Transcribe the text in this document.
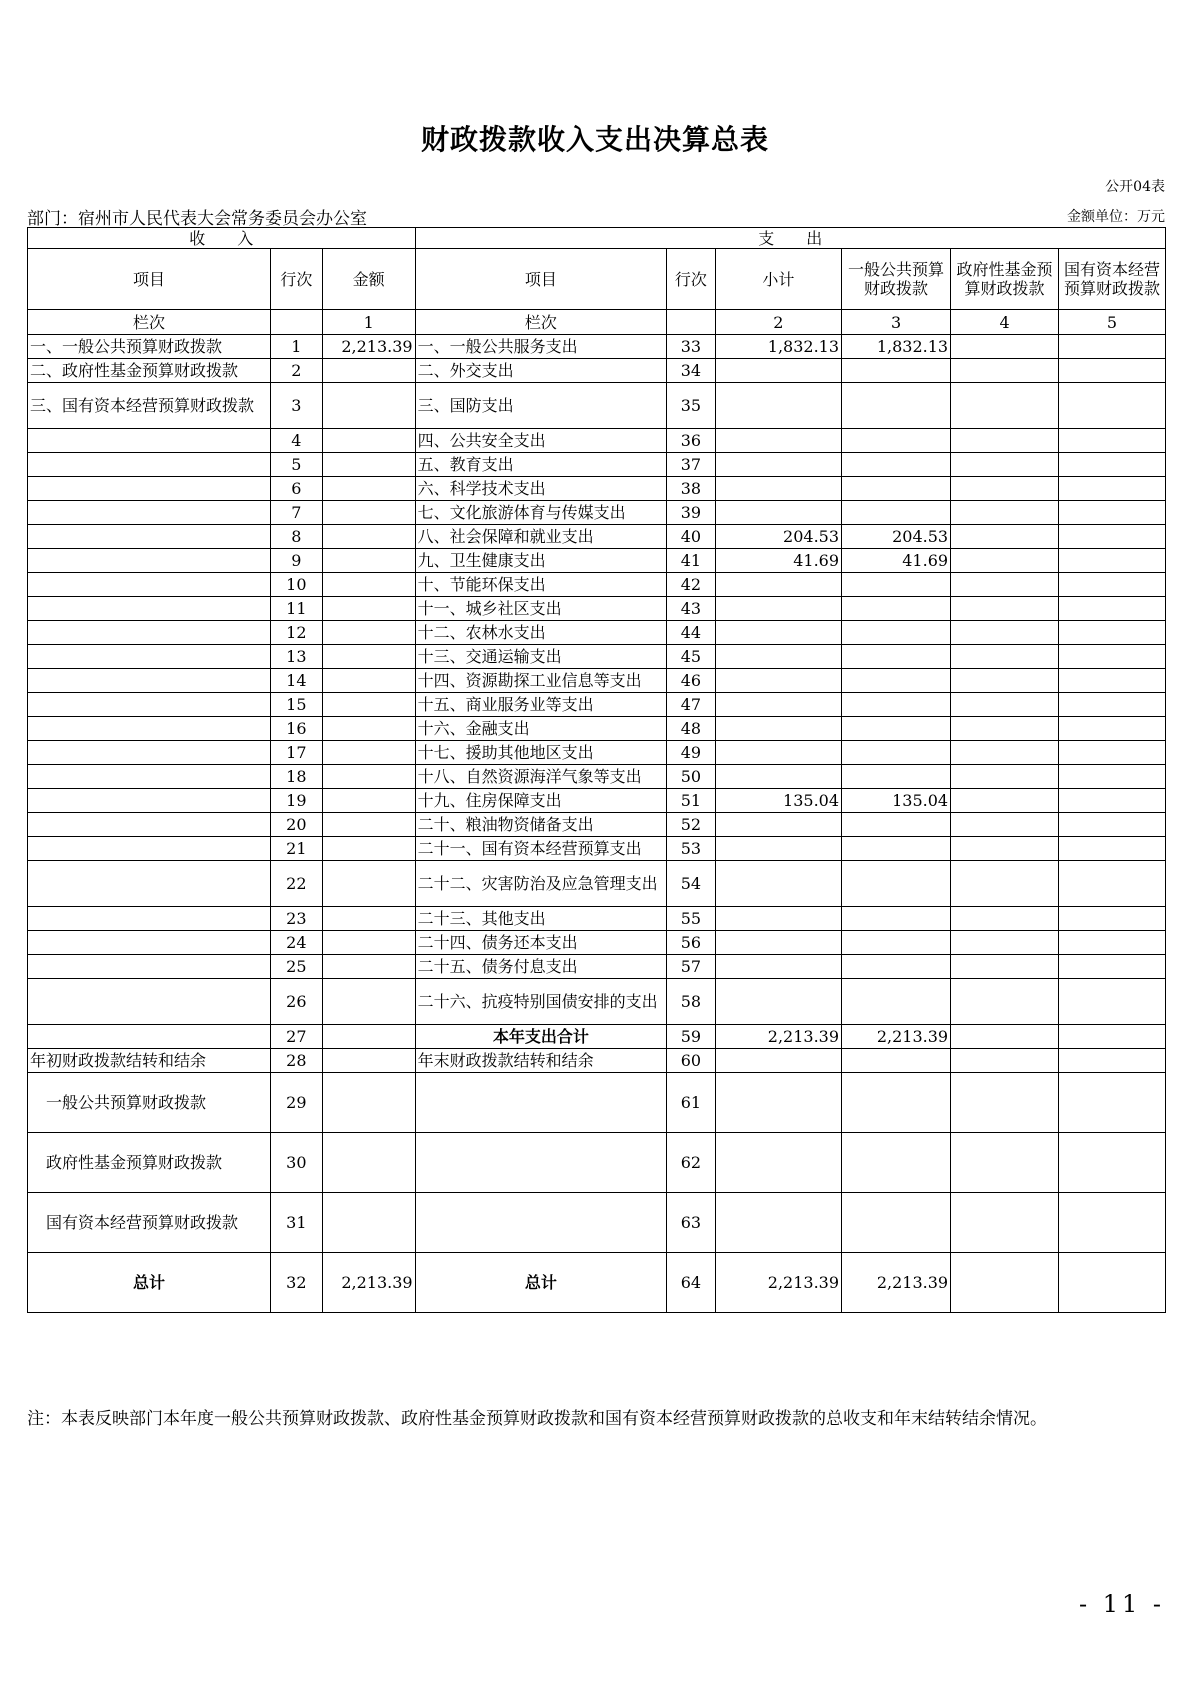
财政拨款收入支出决算总表
公开04表
部门：宿州市人民代表大会常务委员会办公室	金额单位：万元
收　　入			支　　出					
项目	行次	金额	项目	行次	小计	一般公共预算财政拨款	政府性基金预算财政拨款	国有资本经营预算财政拨款
栏次		1	栏次		2	3	4	5
一、一般公共预算财政拨款	1	2,213.39	一、一般公共服务支出	33	1,832.13	1,832.13		
二、政府性基金预算财政拨款	2		二、外交支出	34				
三、国有资本经营预算财政拨款	3		三、国防支出	35				
	4		四、公共安全支出	36				
	5		五、教育支出	37				
	6		六、科学技术支出	38				
	7		七、文化旅游体育与传媒支出	39				
	8		八、社会保障和就业支出	40	204.53	204.53		
	9		九、卫生健康支出	41	41.69	41.69		
	10		十、节能环保支出	42				
	11		十一、城乡社区支出	43				
	12		十二、农林水支出	44				
	13		十三、交通运输支出	45				
	14		十四、资源勘探工业信息等支出	46				
	15		十五、商业服务业等支出	47				
	16		十六、金融支出	48				
	17		十七、援助其他地区支出	49				
	18		十八、自然资源海洋气象等支出	50				
	19		十九、住房保障支出	51	135.04	135.04		
	20		二十、粮油物资储备支出	52				
	21		二十一、国有资本经营预算支出	53				
	22		二十二、灾害防治及应急管理支出	54				
	23		二十三、其他支出	55				
	24		二十四、债务还本支出	56				
	25		二十五、债务付息支出	57				
	26		二十六、抗疫特别国债安排的支出	58				
	27		本年支出合计	59	2,213.39	2,213.39		
年初财政拨款结转和结余	28		年末财政拨款结转和结余	60				
一般公共预算财政拨款	29			61				
政府性基金预算财政拨款	30			62				
国有资本经营预算财政拨款	31			63				
总计	32	2,213.39	总计	64	2,213.39	2,213.39		
注：本表反映部门本年度一般公共预算财政拨款、政府性基金预算财政拨款和国有资本经营预算财政拨款的总收支和年末结转结余情况。
- 11 -
